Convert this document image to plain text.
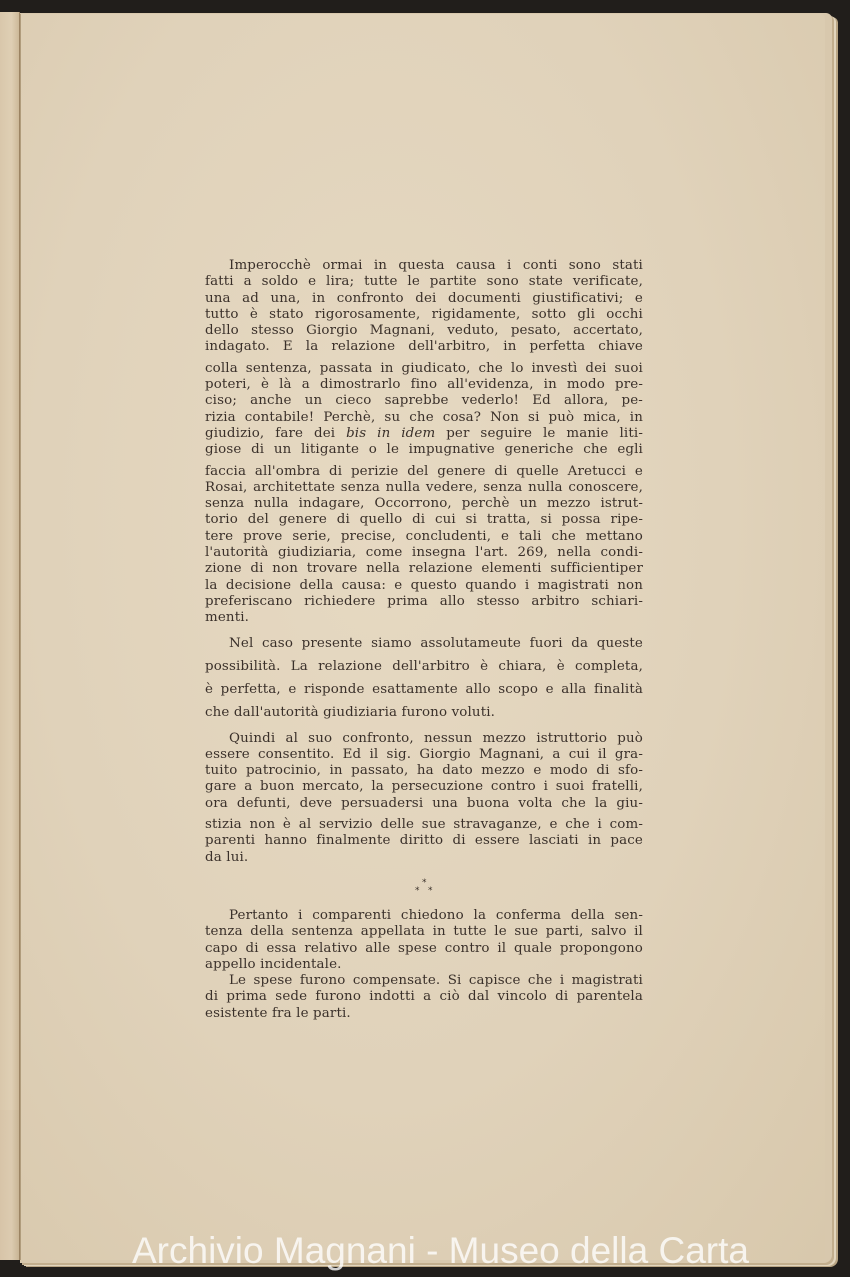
Imperocchè ormai in questa causa i conti sono stati
fatti a soldo e lira; tutte le partite sono state verificate,
una ad una, in confronto dei documenti giustificativi; e
tutto è stato rigorosamente, rigidamente, sotto gli occhi
dello stesso Giorgio Magnani, veduto, pesato, accertato,
indagato. E la relazione dell'arbitro, in perfetta chiave
colla sentenza, passata in giudicato, che lo investì dei suoi
poteri, è là a dimostrarlo fino all'evidenza, in modo pre-
ciso; anche un cieco saprebbe vederlo! Ed allora, pe-
rizia contabile! Perchè, su che cosa? Non si può mica, in
giudizio, fare dei bis in idem per seguire le manie liti-
giose di un litigante o le impugnative generiche che egli
faccia all'ombra di perizie del genere di quelle Aretucci e
Rosai, architettate senza nulla vedere, senza nulla conoscere,
senza nulla indagare, Occorrono, perchè un mezzo istrut-
torio del genere di quello di cui si tratta, si possa ripe-
tere prove serie, precise, concludenti, e tali che mettano
l'autorità giudiziaria, come insegna l'art. 269, nella condi-
zione di non trovare nella relazione elementi sufficientiper
la decisione della causa: e questo quando i magistrati non
preferiscano richiedere prima allo stesso arbitro schiari-
menti.
Nel caso presente siamo assolutameute fuori da queste
possibilità. La relazione dell'arbitro è chiara, è completa,
è perfetta, e risponde esattamente allo scopo e alla finalità
che dall'autorità giudiziaria furono voluti.
Quindi al suo confronto, nessun mezzo istruttorio può
essere consentito. Ed il sig. Giorgio Magnani, a cui il gra-
tuito patrocinio, in passato, ha dato mezzo e modo di sfo-
gare a buon mercato, la persecuzione contro i suoi fratelli,
ora defunti, deve persuadersi una buona volta che la giu-
stizia non è al servizio delle sue stravaganze, e che i com-
parenti hanno finalmente diritto di essere lasciati in pace
da lui.
*
* *
Pertanto i comparenti chiedono la conferma della sen-
tenza della sentenza appellata in tutte le sue parti, salvo il
capo di essa relativo alle spese contro il quale propongono
appello incidentale.
Le spese furono compensate. Si capisce che i magistrati
di prima sede furono indotti a ciò dal vincolo di parentela
esistente fra le parti.
Archivio Magnani - Museo della Carta
